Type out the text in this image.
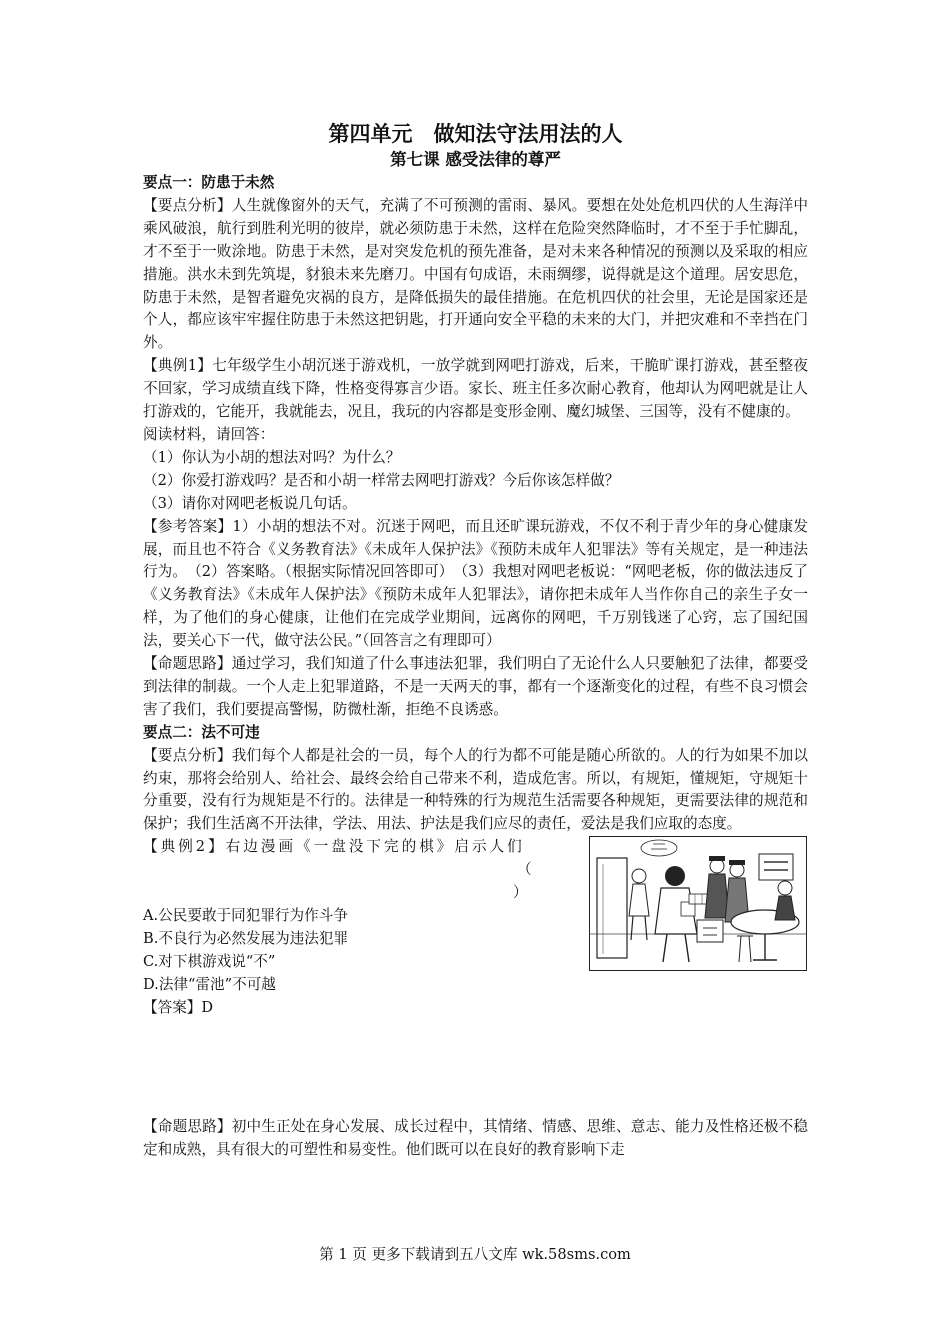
第四单元　做知法守法用法的人

第七课 感受法律的尊严

要点一：防患于未然

【要点分析】人生就像窗外的天气，充满了不可预测的雷雨、暴风。要想在处处危机四伏的人生海洋中乘风破浪，航行到胜利光明的彼岸，就必须防患于未然，这样在危险突然降临时，才不至于手忙脚乱，才不至于一败涂地。防患于未然，是对突发危机的预先准备，是对未来各种情况的预测以及采取的相应措施。洪水未到先筑堤，豺狼未来先磨刀。中国有句成语，未雨绸缪，说得就是这个道理。居安思危，防患于未然，是智者避免灾祸的良方，是降低损失的最佳措施。在危机四伏的社会里，无论是国家还是个人，都应该牢牢握住防患于未然这把钥匙，打开通向安全平稳的未来的大门，并把灾难和不幸挡在门外。

【典例1】七年级学生小胡沉迷于游戏机，一放学就到网吧打游戏，后来，干脆旷课打游戏，甚至整夜不回家，学习成绩直线下降，性格变得寡言少语。家长、班主任多次耐心教育，他却认为网吧就是让人打游戏的，它能开，我就能去，况且，我玩的内容都是变形金刚、魔幻城堡、三国等，没有不健康的。

阅读材料，请回答：

（1）你认为小胡的想法对吗？为什么？

（2）你爱打游戏吗？是否和小胡一样常去网吧打游戏？今后你该怎样做？

（3）请你对网吧老板说几句话。

【参考答案】1）小胡的想法不对。沉迷于网吧，而且还旷课玩游戏，不仅不利于青少年的身心健康发展，而且也不符合《义务教育法》《未成年人保护法》《预防未成年人犯罪法》等有关规定，是一种违法行为。　（2）答案略。（根据实际情况回答即可）　（3）我想对网吧老板说：“网吧老板，你的做法违反了《义务教育法》《未成年人保护法》《预防未成年人犯罪法》，请你把未成年人当作你自己的亲生子女一样，为了他们的身心健康，让他们在完成学业期间，远离你的网吧，千万别钱迷了心窍，忘了国纪国法，要关心下一代，做守法公民。”（回答言之有理即可）

【命题思路】通过学习，我们知道了什么事违法犯罪，我们明白了无论什么人只要触犯了法律，都要受到法律的制裁。一个人走上犯罪道路，不是一天两天的事，都有一个逐渐变化的过程，有些不良习惯会害了我们，我们要提高警惕，防微杜渐，拒绝不良诱惑。

要点二：法不可违

【要点分析】我们每个人都是社会的一员，每个人的行为都不可能是随心所欲的。人的行为如果不加以约束，那将会给别人、给社会、最终会给自己带来不利，造成危害。所以，有规矩，懂规矩，守规矩十分重要，没有行为规矩是不行的。法律是一种特殊的行为规范生活需要各种规矩，更需要法律的规范和保护；我们生活离不开法律，学法、用法、护法是我们应尽的责任，爱法是我们应取的态度。

【典例2】右边漫画《一盘没下完的棋》启示人们

（

）

A.公民要敢于同犯罪行为作斗争

B.不良行为必然发展为违法犯罪

C.对下棋游戏说“不”

D.法律“雷池”不可越

【答案】D

【命题思路】初中生正处在身心发展、成长过程中，其情绪、情感、思维、意志、能力及性格还极不稳定和成熟，具有很大的可塑性和易变性。他们既可以在良好的教育影响下走

第 1 页 更多下载请到五八文库 wk.58sms.com
